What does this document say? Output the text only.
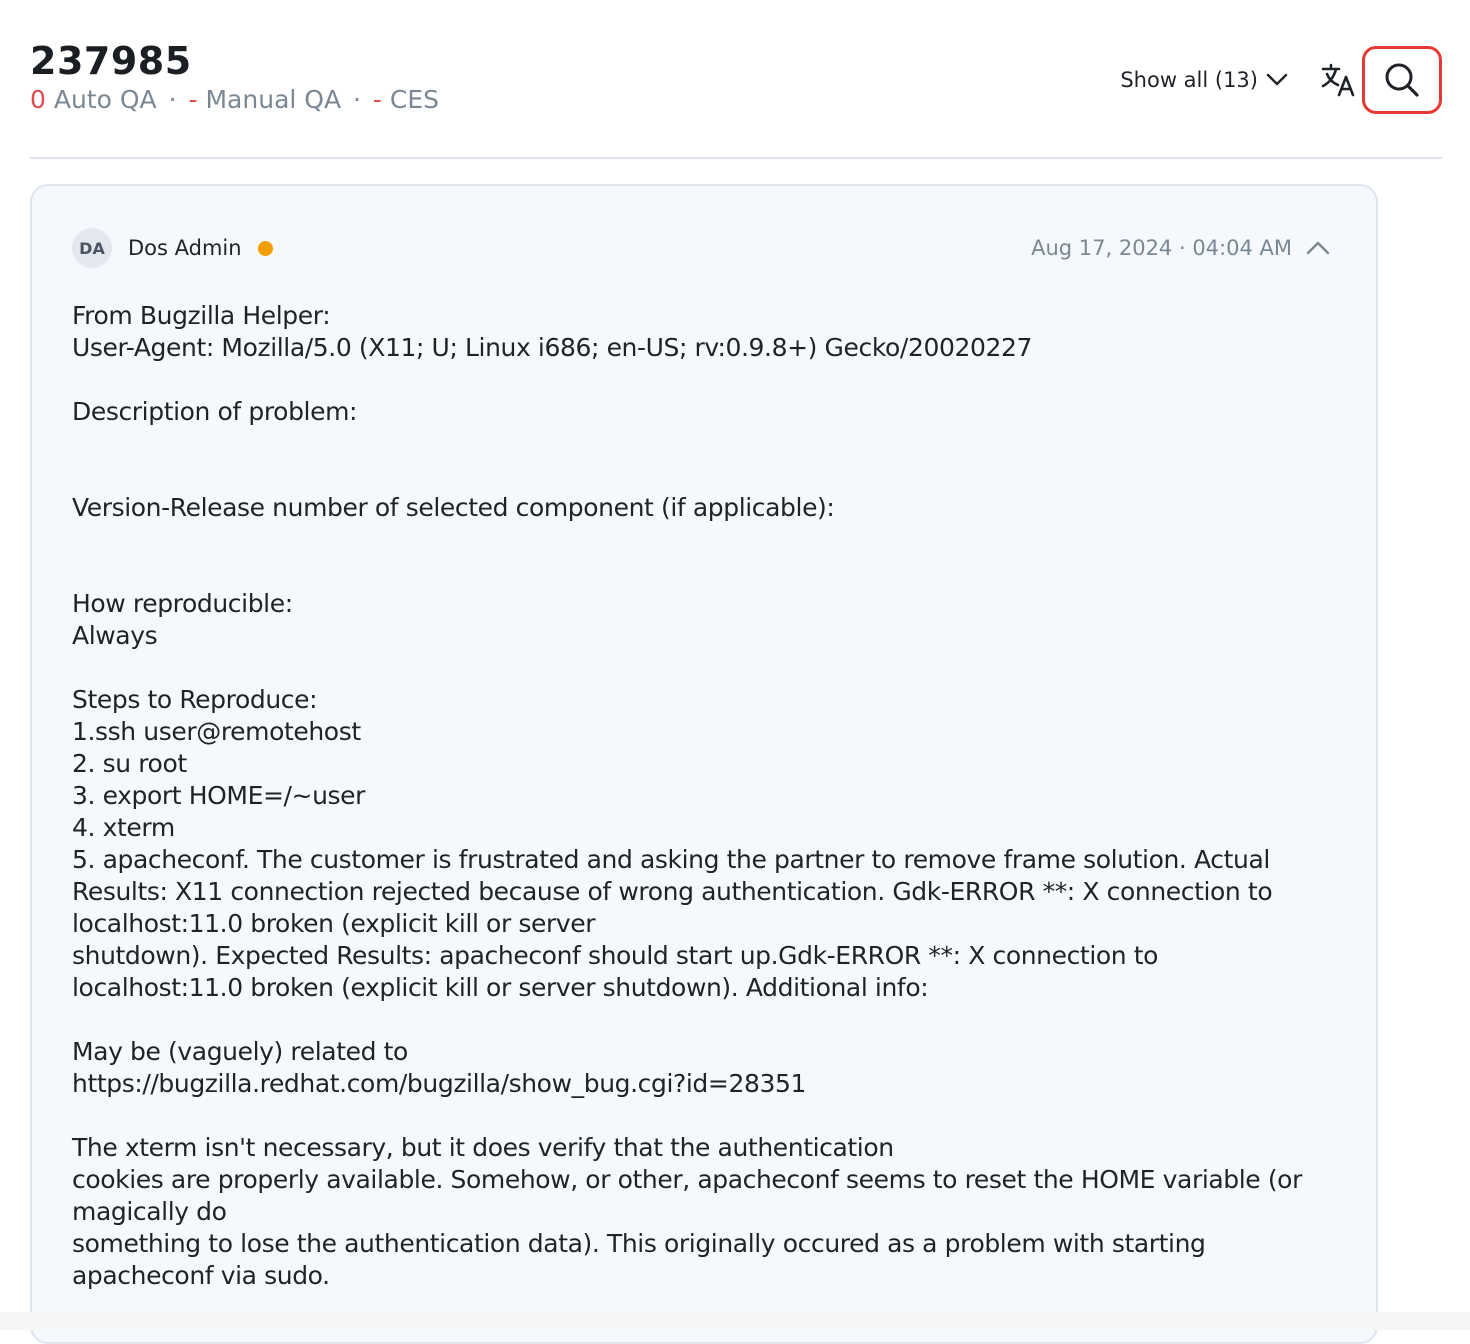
237985
0 Auto QA · - Manual QA · - CES
Show all (13)
DA	Dos Admin	Aug 17, 2024 · 04:04 AM
From Bugzilla Helper:
User-Agent: Mozilla/5.0 (X11; U; Linux i686; en-US; rv:0.9.8+) Gecko/20020227

Description of problem:

Version-Release number of selected component (if applicable):

How reproducible:
Always

Steps to Reproduce:
1.ssh user@remotehost
2. su root
3. export HOME=/~user
4. xterm
5. apacheconf. The customer is frustrated and asking the partner to remove frame solution. Actual Results: X11 connection rejected because of wrong authentication. Gdk-ERROR **: X connection to localhost:11.0 broken (explicit kill or server
shutdown). Expected Results: apacheconf should start up.Gdk-ERROR **: X connection to localhost:11.0 broken (explicit kill or server shutdown). Additional info:

May be (vaguely) related to
https://bugzilla.redhat.com/bugzilla/show_bug.cgi?id=28351

The xterm isn't necessary, but it does verify that the authentication
cookies are properly available. Somehow, or other, apacheconf seems to reset the HOME variable (or magically do
something to lose the authentication data). This originally occured as a problem with starting apacheconf via sudo.
